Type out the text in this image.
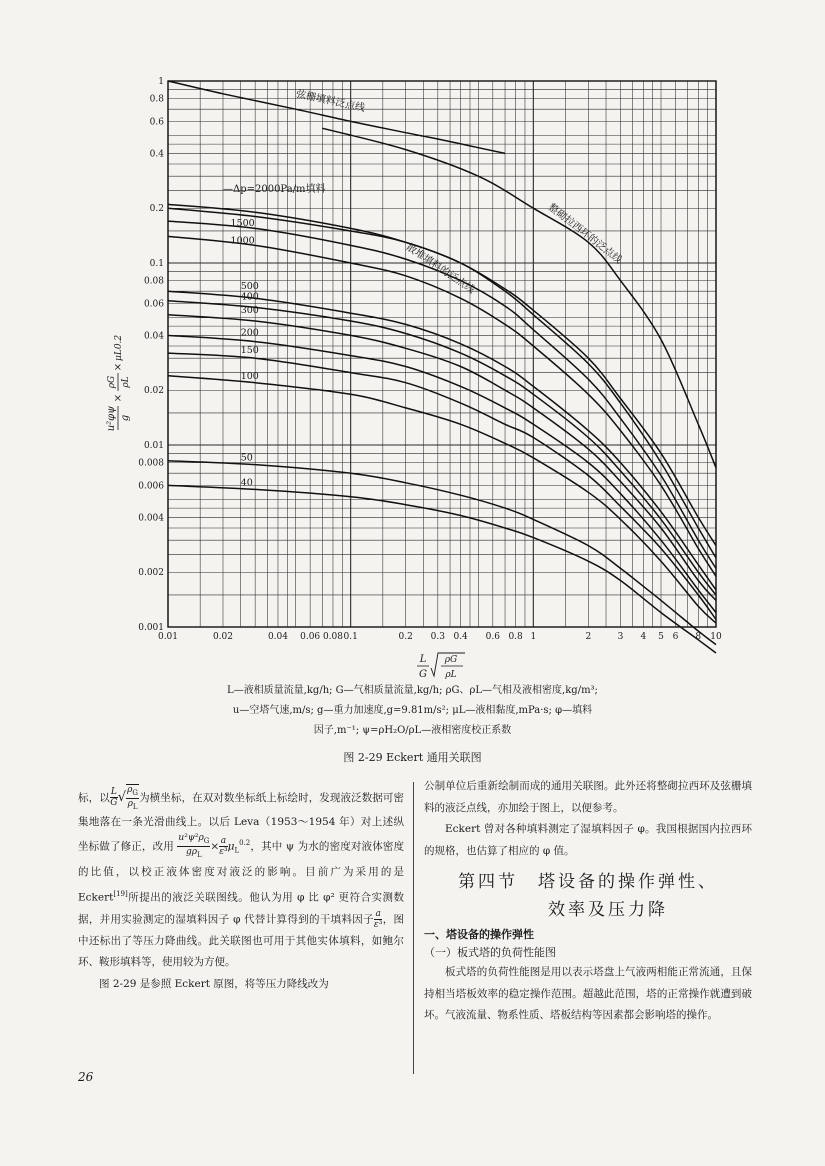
0.01	0.02	0.04 0.06 0.08 0.1	0.2 0.3 0.4 0.6 0.8 1	2	3 4 5 6 8 10
1
0.8
0.6
0.4
0.2
0.1
0.08
0.06
0.04
0.02
0.01
0.008
0.006
0.004
0.002
0.001
弦栅填料泛点线
—Δp=2000Pa/m填料
散堆填料的泛点线
整砌拉西环的泛点线
1500
1000
500
400
300
200
150
100
50
40
u²φψ g
×
ρG ρL
×
μL0.2
L
G
ρG
ρL
L—液相质量流量,kg/h; G—气相质量流量,kg/h; ρG、ρL—气相及液相密度,kg/m³;
u—空塔气速,m/s; g—重力加速度,g=9.81m/s²; μL—液相黏度,mPa·s; φ—填料
因子,m⁻¹; ψ=ρH₂O/ρL—液相密度校正系数
图 2-29 Eckert 通用关联图

标，以 $\frac{L}{G}$ √ $\frac{\rho_G}{\rho_L}$ 为横坐标，在双对数坐标纸上标绘时，发现液泛数据可密集地落在一条光滑曲线上。以后 Leva（1953～1954 年）对上述纵坐标做了修正，改用 $\frac{u^2\psi^2\rho_G}{g\rho_L} \times \frac{a}{\text{ε³}} \mu_L^{0.2}$，其中 ψ 为水的密度对液体密度的比值，以校正液体密度对液泛的影响。目前广为采用的是 Eckert[19]所提出的液泛关联图线。他认为用 φ 比 φ² 更符合实测数据，并用实验测定的湿填料因子 φ 代替计算得到的干填料因子 $\frac{a}{\text{ε³}}$ ，图中还标出了等压力降曲线。此关联图也可用于其他实体填料，如鲍尔环、鞍形填料等，使用较为方便。

图 2-29 是参照 Eckert 原图，将等压力降线改为

公制单位后重新绘制而成的通用关联图。此外还将整砌拉西环及弦栅填料的液泛点线，亦加绘于图上，以便参考。

Eckert 曾对各种填料测定了湿填料因子 φ。我国根据国内拉西环的规格，也估算了相应的 φ 值。

第四节　塔设备的操作弹性、
效率及压力降
一、塔设备的操作弹性
（一）板式塔的负荷性能图

板式塔的负荷性能图是用以表示塔盘上气液两相能正常流通，且保持相当塔板效率的稳定操作范围。超越此范围，塔的正常操作就遭到破坏。气液流量、物系性质、塔板结构等因素都会影响塔的操作。

26
